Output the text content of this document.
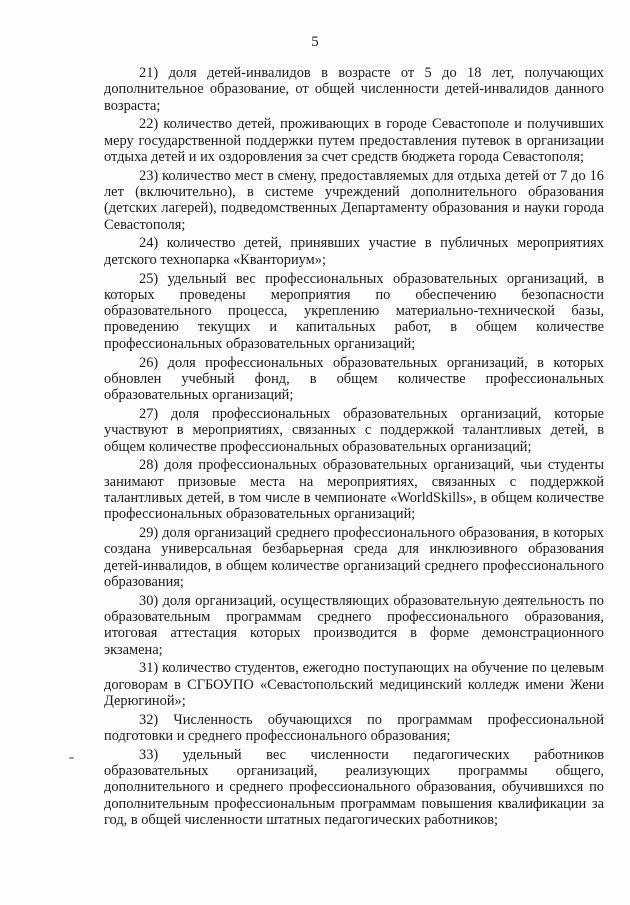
5

21) доля детей-инвалидов в возрасте от 5 до 18 лет, получающих дополнительное образование, от общей численности детей-инвалидов данного возраста;

22) количество детей, проживающих в городе Севастополе и получивших меру государственной поддержки путем предоставления путевок в организации отдыха детей и их оздоровления за счет средств бюджета города Севастополя;

23) количество мест в смену, предоставляемых для отдыха детей от 7 до 16 лет (включительно), в системе учреждений дополнительного образования (детских лагерей), подведомственных Департаменту образования и науки города Севастополя;

24) количество детей, принявших участие в публичных мероприятиях детского технопарка «Кванториум»;

25) удельный вес профессиональных образовательных организаций, в которых проведены мероприятия по обеспечению безопасности образовательного процесса, укреплению материально-технической базы, проведению текущих и капитальных работ, в общем количестве профессиональных образовательных организаций;

26) доля профессиональных образовательных организаций, в которых обновлен учебный фонд, в общем количестве профессиональных образовательных организаций;

27) доля профессиональных образовательных организаций, которые участвуют в мероприятиях, связанных с поддержкой талантливых детей, в общем количестве профессиональных образовательных организаций;

28) доля профессиональных образовательных организаций, чьи студенты занимают призовые места на мероприятиях, связанных с поддержкой талантливых детей, в том числе в чемпионате «WorldSkills», в общем количестве профессиональных образовательных организаций;

29) доля организаций среднего профессионального образования, в которых создана универсальная безбарьерная среда для инклюзивного образования детей-инвалидов, в общем количестве организаций среднего профессионального образования;

30) доля организаций, осуществляющих образовательную деятельность по образовательным программам среднего профессионального образования, итоговая аттестация которых производится в форме демонстрационного экзамена;

31) количество студентов, ежегодно поступающих на обучение по целевым договорам в СГБОУПО «Севастопольский медицинский колледж имени Жени Дерюгиной»;

32) Численность обучающихся по программам профессиональной подготовки и среднего профессионального образования;

33) удельный вес численности педагогических работников образовательных организаций, реализующих программы общего, дополнительного и среднего профессионального образования, обучившихся по дополнительным профессиональным программам повышения квалификации за год, в общей численности штатных педагогических работников;
